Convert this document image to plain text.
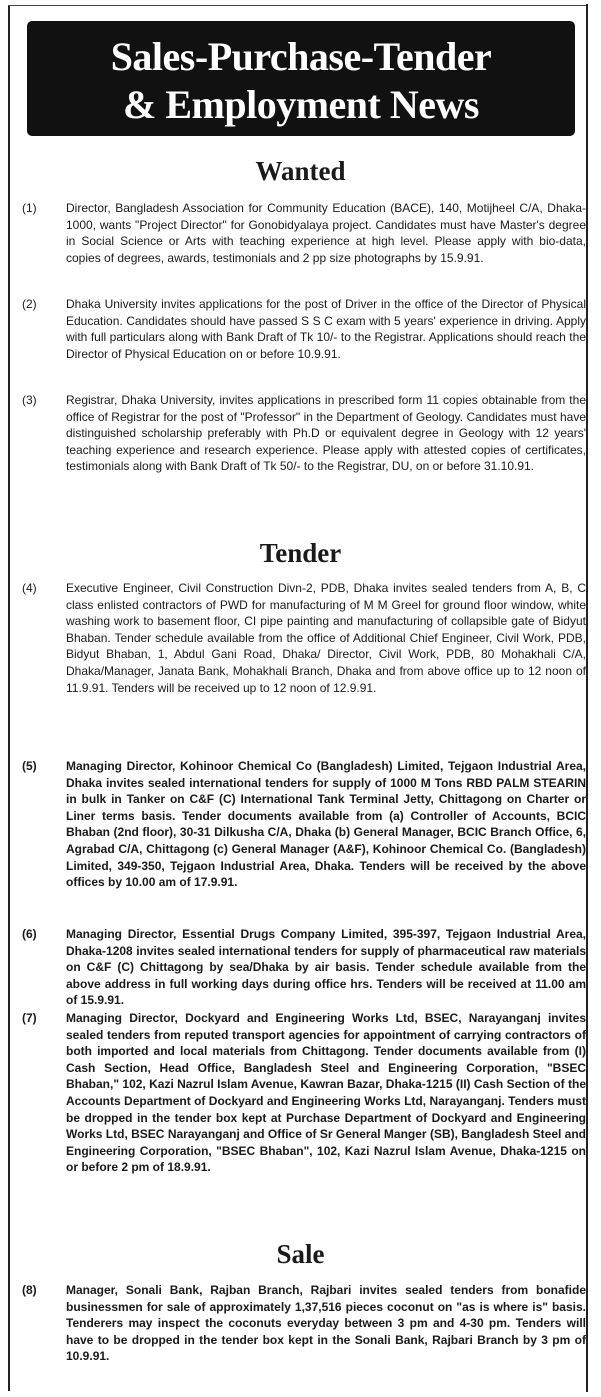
Sales-Purchase-Tender
& Employment News
Wanted
(1) Director, Bangladesh Association for Community Education (BACE), 140, Motijheel C/A, Dhaka-1000, wants "Project Director" for Gonobidyalaya project. Candidates must have Master's degree in Social Science or Arts with teaching experience at high level. Please apply with bio-data, copies of degrees, awards, testimonials and 2 pp size photographs by 15.9.91.
(2) Dhaka University invites applications for the post of Driver in the office of the Director of Physical Education. Candidates should have passed S S C exam with 5 years' experience in driving. Apply with full particulars along with Bank Draft of Tk 10/- to the Registrar. Applications should reach the Director of Physical Education on or before 10.9.91.
(3) Registrar, Dhaka University, invites applications in prescribed form 11 copies obtainable from the office of Registrar for the post of "Professor" in the Department of Geology. Candidates must have distinguished scholarship preferably with Ph.D or equivalent degree in Geology with 12 years' teaching experience and research experience. Please apply with attested copies of certificates, testimonials along with Bank Draft of Tk 50/- to the Registrar, DU, on or before 31.10.91.
Tender
(4) Executive Engineer, Civil Construction Divn-2, PDB, Dhaka invites sealed tenders from A, B, C class enlisted contractors of PWD for manufacturing of M M Greel for ground floor window, white washing work to basement floor, CI pipe painting and manufacturing of collapsible gate of Bidyut Bhaban. Tender schedule available from the office of Additional Chief Engineer, Civil Work, PDB, Bidyut Bhaban, 1, Abdul Gani Road, Dhaka/ Director, Civil Work, PDB, 80 Mohakhali C/A, Dhaka/Manager, Janata Bank, Mohakhali Branch, Dhaka and from above office up to 12 noon of 11.9.91. Tenders will be received up to 12 noon of 12.9.91.
(5) Managing Director, Kohinoor Chemical Co (Bangladesh) Limited, Tejgaon Industrial Area, Dhaka invites sealed international tenders for supply of 1000 M Tons RBD PALM STEARIN in bulk in Tanker on C&F (C) International Tank Terminal Jetty, Chittagong on Charter or Liner terms basis. Tender documents available from (a) Controller of Accounts, BCIC Bhaban (2nd floor), 30-31 Dilkusha C/A, Dhaka (b) General Manager, BCIC Branch Office, 6, Agrabad C/A, Chittagong (c) General Manager (A&F), Kohinoor Chemical Co. (Bangladesh) Limited, 349-350, Tejgaon Industrial Area, Dhaka. Tenders will be received by the above offices by 10.00 am of 17.9.91.
(6) Managing Director, Essential Drugs Company Limited, 395-397, Tejgaon Industrial Area, Dhaka-1208 invites sealed international tenders for supply of pharmaceutical raw materials on C&F (C) Chittagong by sea/Dhaka by air basis. Tender schedule available from the above address in full working days during office hrs. Tenders will be received at 11.00 am of 15.9.91.
(7) Managing Director, Dockyard and Engineering Works Ltd, BSEC, Narayanganj invites sealed tenders from reputed transport agencies for appointment of carrying contractors of both imported and local materials from Chittagong. Tender documents available from (I) Cash Section, Head Office, Bangladesh Steel and Engineering Corporation, "BSEC Bhaban," 102, Kazi Nazrul Islam Avenue, Kawran Bazar, Dhaka-1215 (II) Cash Section of the Accounts Department of Dockyard and Engineering Works Ltd, Narayanganj. Tenders must be dropped in the tender box kept at Purchase Department of Dockyard and Engineering Works Ltd, BSEC Narayanganj and Office of Sr General Manger (SB), Bangladesh Steel and Engineering Corporation, "BSEC Bhaban", 102, Kazi Nazrul Islam Avenue, Dhaka-1215 on or before 2 pm of 18.9.91.
Sale
(8) Manager, Sonali Bank, Rajban Branch, Rajbari invites sealed tenders from bonafide businessmen for sale of approximately 1,37,516 pieces coconut on "as is where is" basis. Tenderers may inspect the coconuts everyday between 3 pm and 4-30 pm. Tenders will have to be dropped in the tender box kept in the Sonali Bank, Rajbari Branch by 3 pm of 10.9.91.
